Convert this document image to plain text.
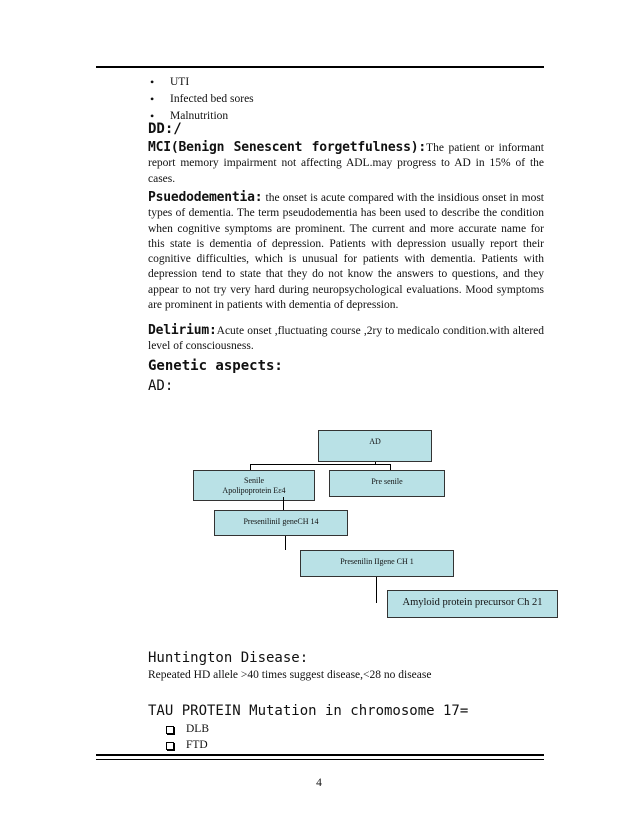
• UTI
• Infected bed sores
• Malnutrition
DD:/
MCI(Benign Senescent forgetfulness):The patient or informant report memory impairment not affecting ADL.may progress to AD in 15% of the cases.
Psuedodementia: the onset is acute compared with the insidious onset in most types of dementia. The term pseudodementia has been used to describe the condition when cognitive symptoms are prominent. The current and more accurate name for this state is dementia of depression. Patients with depression usually report their cognitive difficulties, which is unusual for patients with dementia. Patients with depression tend to state that they do not know the answers to questions, and they appear to not try very hard during neuropsychological evaluations. Mood symptoms are prominent in patients with dementia of depression.
Delirium:Acute onset ,fluctuating course ,2ry to medicalo condition.with altered level of consciousness.
Genetic aspects:
AD:
AD
Senile
Apolipoprotein Eε4
Pre senile
PreseniliniI geneCH 14
Presenilin IIgene CH 1
Amyloid protein precursor Ch 21
Huntington Disease:
Repeated HD allele >40 times suggest disease,<28 no disease
TAU PROTEIN Mutation in chromosome 17=
DLB
FTD
4
